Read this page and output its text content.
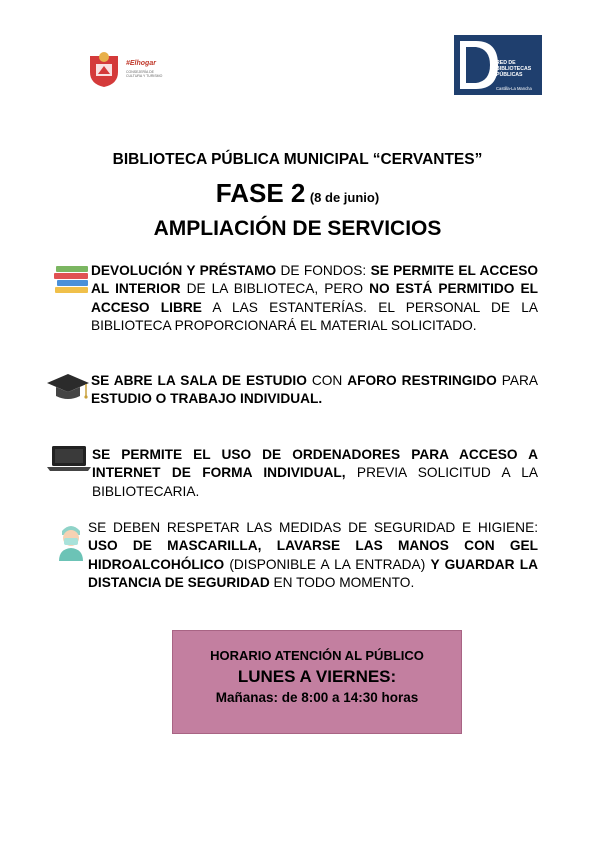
#Elhogar
CONSEJERÍA DE CULTURA Y TURISMO
RED DE
BIBLIOTECAS
PÚBLICAS
Castilla-La Mancha
BIBLIOTECA PÚBLICA MUNICIPAL “CERVANTES”
FASE 2 (8 de junio)
AMPLIACIÓN DE SERVICIOS
DEVOLUCIÓN Y PRÉSTAMO DE FONDOS: SE PERMITE EL ACCESO AL INTERIOR DE LA BIBLIOTECA, PERO NO ESTÁ PERMITIDO EL ACCESO LIBRE A LAS ESTANTERÍAS. EL PERSONAL DE LA BIBLIOTECA PROPORCIONARÁ EL MATERIAL SOLICITADO.
SE ABRE LA SALA DE ESTUDIO CON AFORO RESTRINGIDO PARA ESTUDIO O TRABAJO INDIVIDUAL.
SE PERMITE EL USO DE ORDENADORES PARA ACCESO A INTERNET DE FORMA INDIVIDUAL, PREVIA SOLICITUD A LA BIBLIOTECARIA.
SE DEBEN RESPETAR LAS MEDIDAS DE SEGURIDAD E HIGIENE: USO DE MASCARILLA, LAVARSE LAS MANOS CON GEL HIDROALCOHÓLICO (DISPONIBLE A LA ENTRADA) Y GUARDAR LA DISTANCIA DE SEGURIDAD EN TODO MOMENTO.
HORARIO ATENCIÓN AL PÚBLICO
LUNES A VIERNES:
Mañanas: de 8:00 a 14:30 horas
